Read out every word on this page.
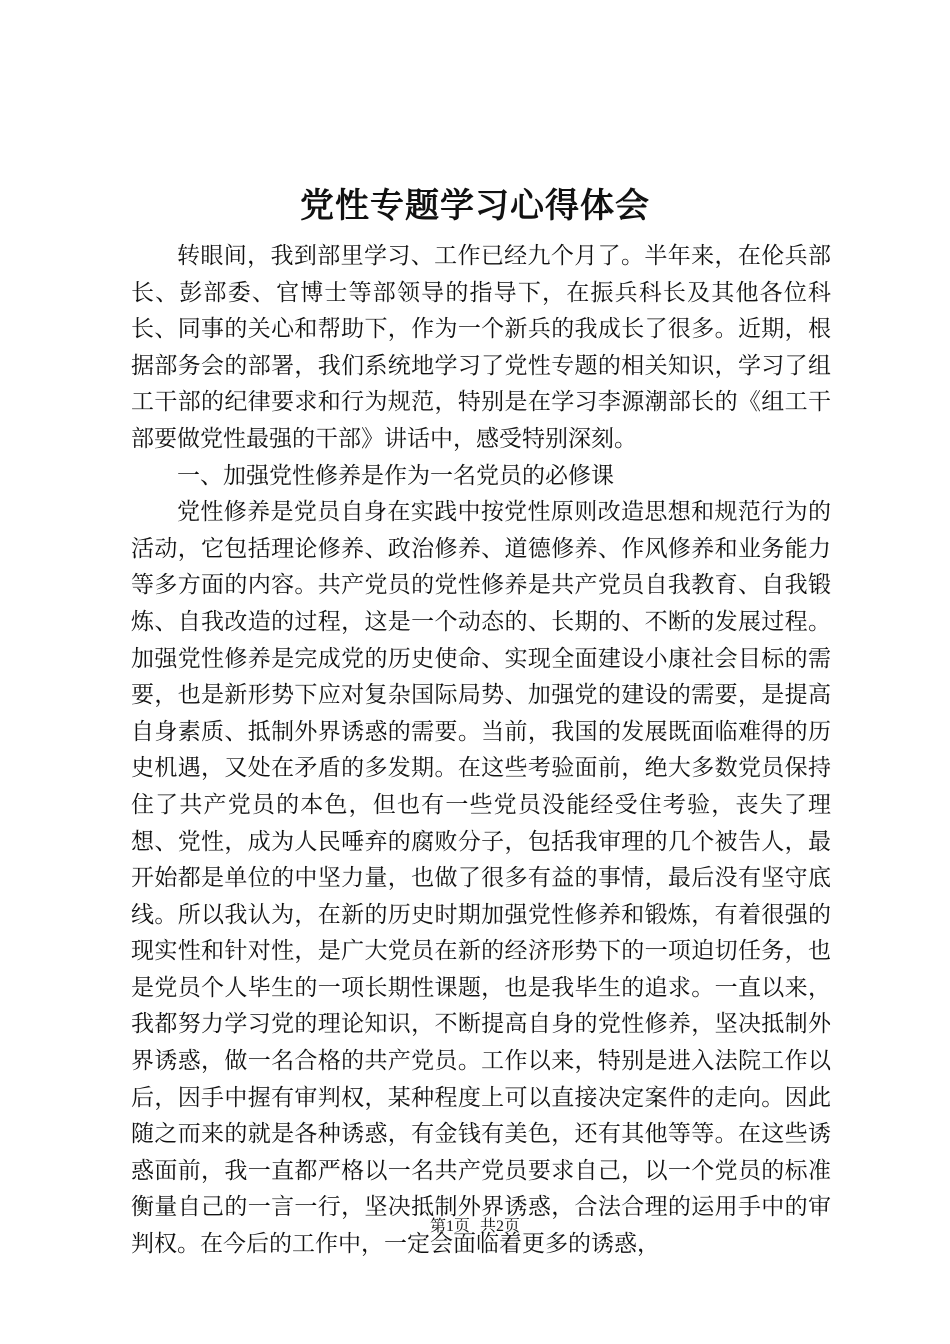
党性专题学习心得体会

转眼间，我到部里学习、工作已经九个月了。半年来，在伦兵部长、彭部委、官博士等部领导的指导下，在振兵科长及其他各位科长、同事的关心和帮助下，作为一个新兵的我成长了很多。近期，根据部务会的部署，我们系统地学习了党性专题的相关知识，学习了组工干部的纪律要求和行为规范，特别是在学习李源潮部长的《组工干部要做党性最强的干部》讲话中，感受特别深刻。

一、加强党性修养是作为一名党员的必修课

党性修养是党员自身在实践中按党性原则改造思想和规范行为的活动，它包括理论修养、政治修养、道德修养、作风修养和业务能力等多方面的内容。共产党员的党性修养是共产党员自我教育、自我锻炼、自我改造的过程，这是一个动态的、长期的、不断的发展过程。加强党性修养是完成党的历史使命、实现全面建设小康社会目标的需要，也是新形势下应对复杂国际局势、加强党的建设的需要，是提高自身素质、抵制外界诱惑的需要。当前，我国的发展既面临难得的历史机遇，又处在矛盾的多发期。在这些考验面前，绝大多数党员保持住了共产党员的本色，但也有一些党员没能经受住考验，丧失了理想、党性，成为人民唾弃的腐败分子，包括我审理的几个被告人，最开始都是单位的中坚力量，也做了很多有益的事情，最后没有坚守底线。所以我认为，在新的历史时期加强党性修养和锻炼，有着很强的现实性和针对性，是广大党员在新的经济形势下的一项迫切任务，也是党员个人毕生的一项长期性课题，也是我毕生的追求。一直以来，我都努力学习党的理论知识，不断提高自身的党性修养，坚决抵制外界诱惑，做一名合格的共产党员。工作以来，特别是进入法院工作以后，因手中握有审判权，某种程度上可以直接决定案件的走向。因此随之而来的就是各种诱惑，有金钱有美色，还有其他等等。在这些诱惑面前，我一直都严格以一名共产党员要求自己，以一个党员的标准衡量自己的一言一行，坚决抵制外界诱惑，合法合理的运用手中的审判权。在今后的工作中，一定会面临着更多的诱惑，

第1页 共2页
